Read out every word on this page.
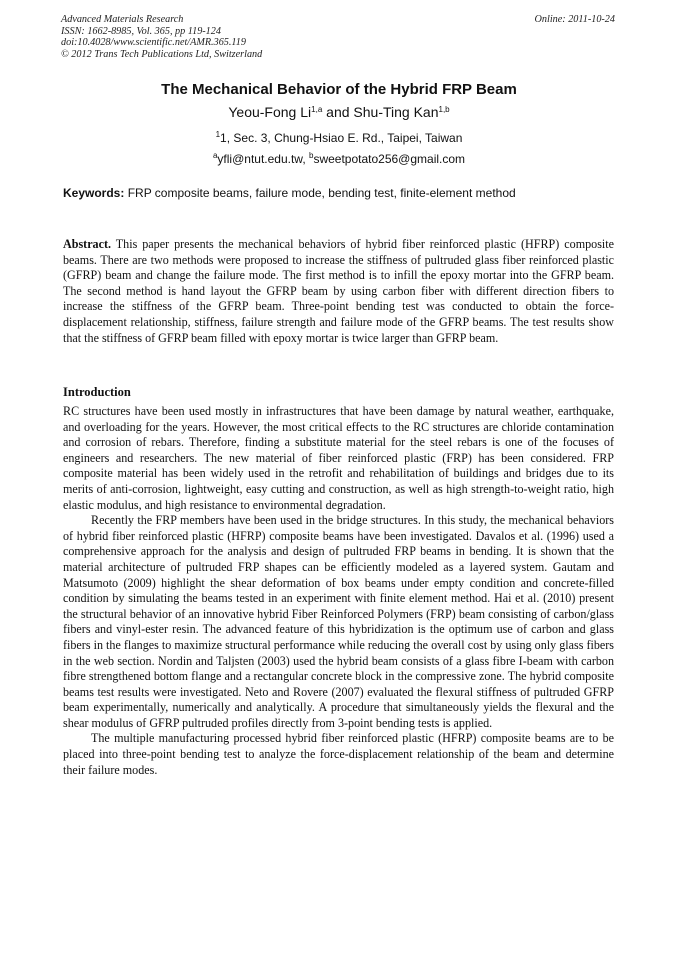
Advanced Materials Research
ISSN: 1662-8985, Vol. 365, pp 119-124
doi:10.4028/www.scientific.net/AMR.365.119
© 2012 Trans Tech Publications Ltd, Switzerland
Online: 2011-10-24
The Mechanical Behavior of the Hybrid FRP Beam
Yeou-Fong Li$^{1,a}$ and Shu-Ting Kan$^{1,b}$
$^1$1, Sec. 3, Chung-Hsiao E. Rd., Taipei, Taiwan
$^a$yfli@ntut.edu.tw, $^b$sweetpotato256@gmail.com
Keywords: FRP composite beams, failure mode, bending test, finite-element method
Abstract. This paper presents the mechanical behaviors of hybrid fiber reinforced plastic (HFRP) composite beams. There are two methods were proposed to increase the stiffness of pultruded glass fiber reinforced plastic (GFRP) beam and change the failure mode. The first method is to infill the epoxy mortar into the GFRP beam. The second method is hand layout the GFRP beam by using carbon fiber with different direction fibers to increase the stiffness of the GFRP beam. Three-point bending test was conducted to obtain the force-displacement relationship, stiffness, failure strength and failure mode of the GFRP beams. The test results show that the stiffness of GFRP beam filled with epoxy mortar is twice larger than GFRP beam.
Introduction

RC structures have been used mostly in infrastructures that have been damage by natural weather, earthquake, and overloading for the years. However, the most critical effects to the RC structures are chloride contamination and corrosion of rebars. Therefore, finding a substitute material for the steel rebars is one of the focuses of engineers and researchers. The new material of fiber reinforced plastic (FRP) has been considered. FRP composite material has been widely used in the retrofit and rehabilitation of buildings and bridges due to its merits of anti-corrosion, lightweight, easy cutting and construction, as well as high strength-to-weight ratio, high elastic modulus, and high resistance to environmental degradation.

Recently the FRP members have been used in the bridge structures. In this study, the mechanical behaviors of hybrid fiber reinforced plastic (HFRP) composite beams have been investigated. Davalos et al. (1996) used a comprehensive approach for the analysis and design of pultruded FRP beams in bending. It is shown that the material architecture of pultruded FRP shapes can be efficiently modeled as a layered system. Gautam and Matsumoto (2009) highlight the shear deformation of box beams under empty condition and concrete-filled condition by simulating the beams tested in an experiment with finite element method. Hai et al. (2010) present the structural behavior of an innovative hybrid Fiber Reinforced Polymers (FRP) beam consisting of carbon/glass fibers and vinyl-ester resin. The advanced feature of this hybridization is the optimum use of carbon and glass fibers in the flanges to maximize structural performance while reducing the overall cost by using only glass fibers in the web section. Nordin and Taljsten (2003) used the hybrid beam consists of a glass fibre I-beam with carbon fibre strengthened bottom flange and a rectangular concrete block in the compressive zone. The hybrid composite beams test results were investigated. Neto and Rovere (2007) evaluated the flexural stiffness of pultruded GFRP beam experimentally, numerically and analytically. A procedure that simultaneously yields the flexural and the shear modulus of GFRP pultruded profiles directly from 3-point bending tests is applied.

The multiple manufacturing processed hybrid fiber reinforced plastic (HFRP) composite beams are to be placed into three-point bending test to analyze the force-displacement relationship of the beam and determine their failure modes.
